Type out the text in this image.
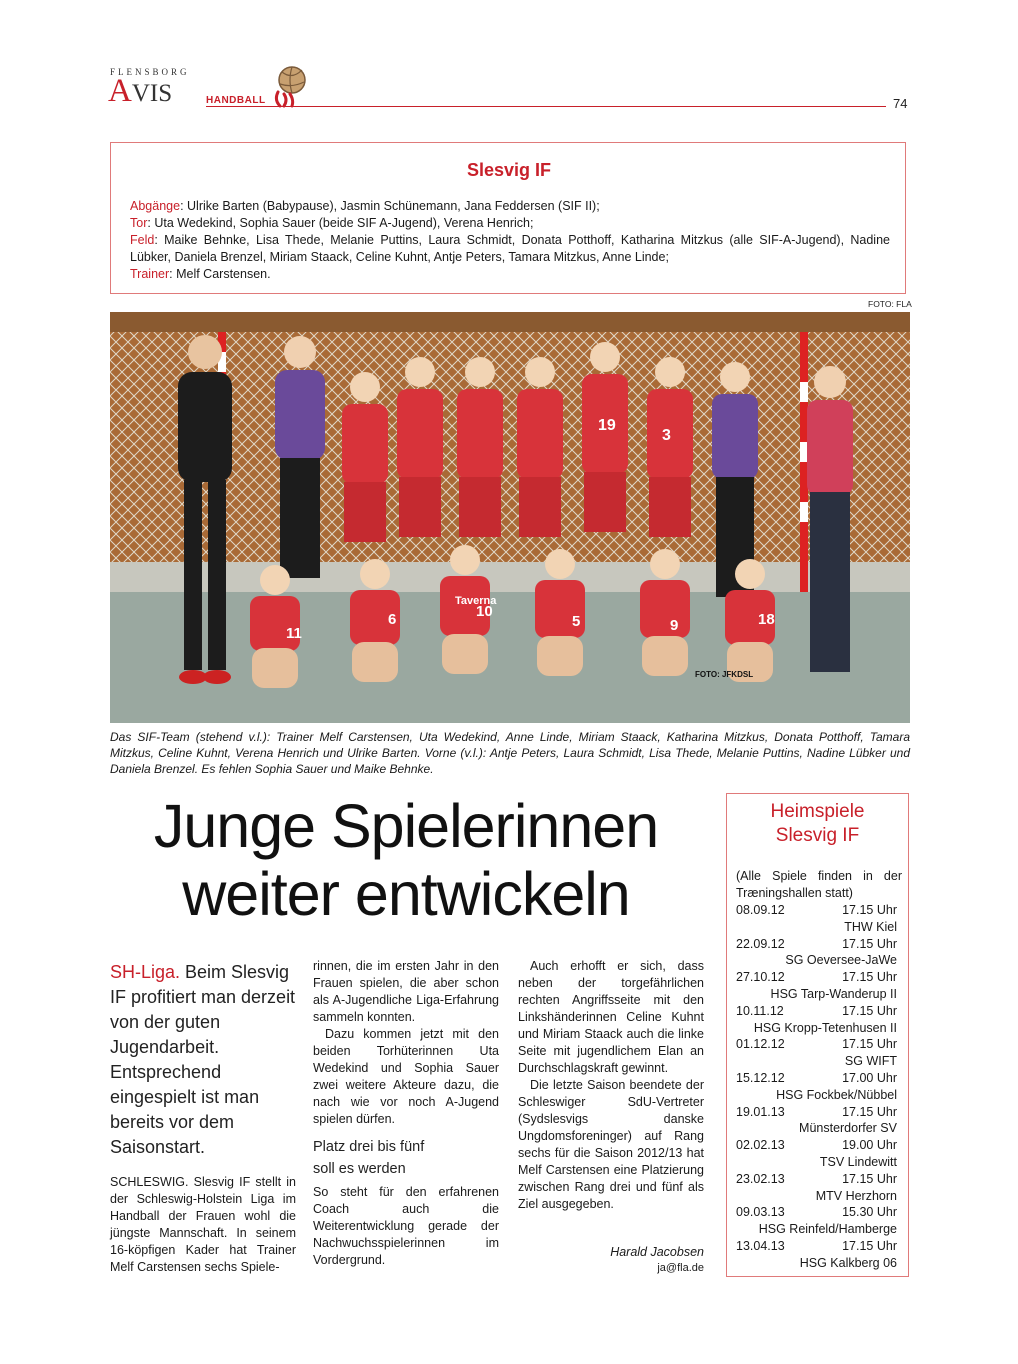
FLENSBORG
AVIS	HANDBALL	74
Slesvig IF
Abgänge: Ulrike Barten (Babypause), Jasmin Schünemann, Jana Feddersen (SIF II);
Tor: Uta Wedekind, Sophia Sauer (beide SIF A-Jugend), Verena Henrich;
Feld: Maike Behnke, Lisa Thede, Melanie Puttins, Laura Schmidt, Donata Potthoff, Katharina Mitzkus (alle SIF-A-Jugend), Nadine Lübker, Daniela Brenzel, Miriam Staack, Celine Kuhnt, Antje Peters, Tamara Mitzkus, Anne Linde;
Trainer: Melf Carstensen.
FOTO: FLA
19
3
11
6	10
5	9	18
Taverna
FOTO: JFKDSL
Das SIF-Team (stehend v.l.): Trainer Melf Carstensen, Uta Wedekind, Anne Linde, Miriam Staack, Katharina Mitzkus, Donata Potthoff, Tamara Mitzkus, Celine Kuhnt, Verena Henrich und Ulrike Barten. Vorne (v.l.): Antje Peters, Laura Schmidt, Lisa Thede, Melanie Puttins, Nadine Lübker und Daniela Brenzel. Es fehlen Sophia Sauer und Maike Behnke.
Junge Spielerinnen
weiter entwickeln
SH-Liga. Beim Slesvig IF profitiert man derzeit von der guten Jugendarbeit. Entsprechend eingespielt ist man bereits vor dem Saisonstart.

SCHLESWIG. Slesvig IF stellt in der Schleswig-Holstein Liga im Handball der Frauen wohl die jüngste Mannschaft. In seinem 16-köpfigen Kader hat Trainer Melf Carstensen sechs Spiele-

rinnen, die im ersten Jahr in den Frauen spielen, die aber schon als A-Jugendliche Liga-Erfahrung sammeln konnten.

Dazu kommen jetzt mit den beiden Torhüterinnen Uta Wedekind und Sophia Sauer zwei weitere Akteure dazu, die nach wie vor noch A-Jugend spielen dürfen.

Platz drei bis fünf
soll es werden

So steht für den erfahrenen Coach auch die Weiterentwicklung gerade der Nachwuchsspielerinnen im Vordergrund.

Auch erhofft er sich, dass neben der torgefährlichen rechten Angriffsseite mit den Linkshänderinnen Celine Kuhnt und Miriam Staack auch die linke Seite mit jugendlichem Elan an Durchschlagskraft gewinnt.

Die letzte Saison beendete der Schleswiger SdU-Vertreter (Sydslesvigs danske Ungdomsforeninger) auf Rang sechs für die Saison 2012/13 hat Melf Carstensen eine Platzierung zwischen Rang drei und fünf als Ziel ausgegeben.

Harald Jacobsen
ja@fla.de
Heimspiele
Slesvig IF
(Alle Spiele finden in der Træningshallen statt)
08.09.12	17.15 Uhr
THW Kiel
22.09.12	17.15 Uhr
SG Oeversee-JaWe
27.10.12	17.15 Uhr
HSG Tarp-Wanderup II
10.11.12	17.15 Uhr
HSG Kropp-Tetenhusen II
01.12.12	17.15 Uhr
SG WIFT
15.12.12	17.00 Uhr
HSG Fockbek/Nübbel
19.01.13	17.15 Uhr
Münsterdorfer SV
02.02.13	19.00 Uhr
TSV Lindewitt
23.02.13	17.15 Uhr
MTV Herzhorn
09.03.13	15.30 Uhr
HSG Reinfeld/Hamberge
13.04.13	17.15 Uhr
HSG Kalkberg 06
